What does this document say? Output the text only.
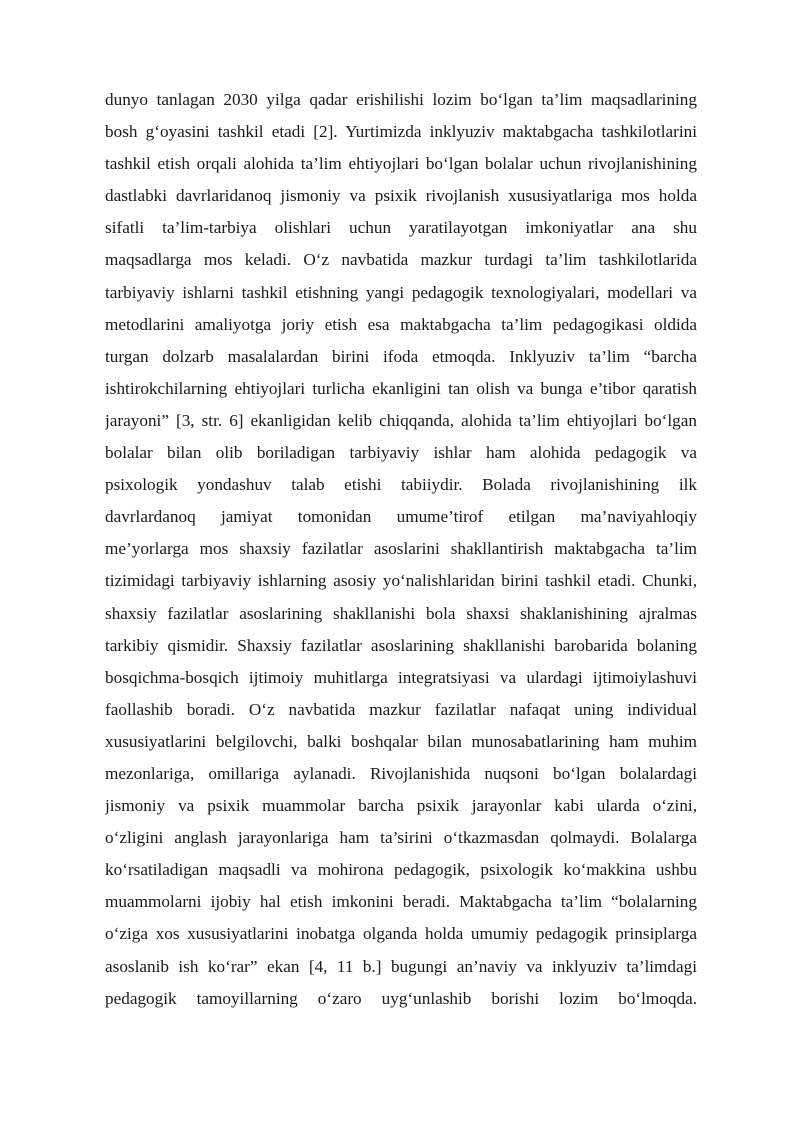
dunyo tanlagan 2030 yilga qadar erishilishi lozim boʻlgan ta’lim maqsadlarining
bosh gʻoyasini tashkil etadi [2]. Yurtimizda inklyuziv maktabgacha tashkilotlarini
tashkil etish orqali alohida ta’lim ehtiyojlari boʻlgan bolalar uchun rivojlanishining
dastlabki davrlaridanoq jismoniy va psixik rivojlanish xususiyatlariga mos holda
sifatli ta’lim-tarbiya olishlari uchun yaratilayotgan imkoniyatlar ana shu
maqsadlarga mos keladi. Oʻz navbatida mazkur turdagi ta’lim tashkilotlarida
tarbiyaviy ishlarni tashkil etishning yangi pedagogik texnologiyalari, modellari va
metodlarini amaliyotga joriy etish esa maktabgacha ta’lim pedagogikasi oldida
turgan dolzarb masalalardan birini ifoda etmoqda. Inklyuziv ta’lim “barcha
ishtirokchilarning ehtiyojlari turlicha ekanligini tan olish va bunga e’tibor qaratish
jarayoni” [3, str. 6] ekanligidan kelib chiqqanda, alohida ta’lim ehtiyojlari boʻlgan
bolalar bilan olib boriladigan tarbiyaviy ishlar ham alohida pedagogik va
psixologik yondashuv talab etishi tabiiydir. Bolada rivojlanishining ilk
davrlardanoq jamiyat tomonidan umume’tirof etilgan ma’naviyahloqiy
me’yorlarga mos shaxsiy fazilatlar asoslarini shakllantirish maktabgacha ta’lim
tizimidagi tarbiyaviy ishlarning asosiy yoʻnalishlaridan birini tashkil etadi. Chunki,
shaxsiy fazilatlar asoslarining shakllanishi bola shaxsi shaklanishining ajralmas
tarkibiy qismidir. Shaxsiy fazilatlar asoslarining shakllanishi barobarida bolaning
bosqichma-bosqich ijtimoiy muhitlarga integratsiyasi va ulardagi ijtimoiylashuvi
faollashib boradi. Oʻz navbatida mazkur fazilatlar nafaqat uning individual
xususiyatlarini belgilovchi, balki boshqalar bilan munosabatlarining ham muhim
mezonlariga, omillariga aylanadi. Rivojlanishida nuqsoni boʻlgan bolalardagi
jismoniy va psixik muammolar barcha psixik jarayonlar kabi ularda oʻzini,
oʻzligini anglash jarayonlariga ham ta’sirini oʻtkazmasdan qolmaydi. Bolalarga
koʻrsatiladigan maqsadli va mohirona pedagogik, psixologik koʻmakkina ushbu
muammolarni ijobiy hal etish imkonini beradi. Maktabgacha ta’lim “bolalarning
oʻziga xos xususiyatlarini inobatga olganda holda umumiy pedagogik prinsiplarga
asoslanib ish koʻrar” ekan [4, 11 b.] bugungi an’naviy va inklyuziv ta’limdagi
pedagogik tamoyillarning oʻzaro uygʻunlashib borishi lozim boʻlmoqda.
